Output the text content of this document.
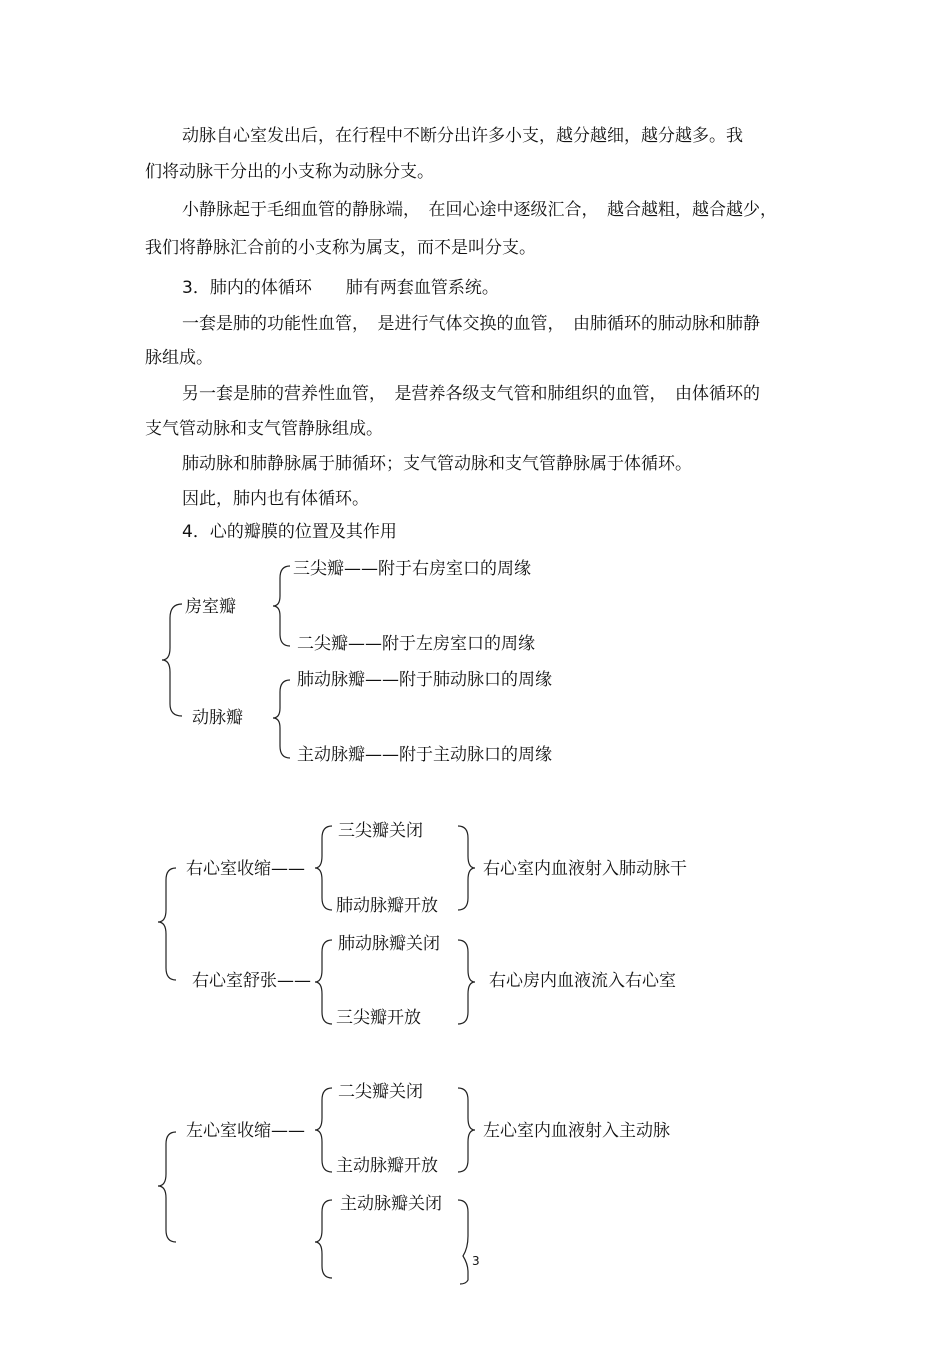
动脉自心室发出后，在行程中不断分出许多小支，越分越细，越分越多。我
们将动脉干分出的小支称为动脉分支。
小静脉起于毛细血管的静脉端，　在回心途中逐级汇合，　越合越粗，越合越少，
我们将静脉汇合前的小支称为属支，而不是叫分支。
3．肺内的体循环　　肺有两套血管系统。
一套是肺的功能性血管，　是进行气体交换的血管，　由肺循环的肺动脉和肺静
脉组成。
另一套是肺的营养性血管，　是营养各级支气管和肺组织的血管，　由体循环的
支气管动脉和支气管静脉组成。
肺动脉和肺静脉属于肺循环；支气管动脉和支气管静脉属于体循环。
因此，肺内也有体循环。
4．心的瓣膜的位置及其作用
房室瓣
三尖瓣——附于右房室口的周缘
二尖瓣——附于左房室口的周缘
动脉瓣
肺动脉瓣——附于肺动脉口的周缘
主动脉瓣——附于主动脉口的周缘
右心室收缩——
三尖瓣关闭
肺动脉瓣开放
右心室内血液射入肺动脉干
右心室舒张——
肺动脉瓣关闭
三尖瓣开放
右心房内血液流入右心室
左心室收缩——
二尖瓣关闭
主动脉瓣开放
左心室内血液射入主动脉
主动脉瓣关闭
3
